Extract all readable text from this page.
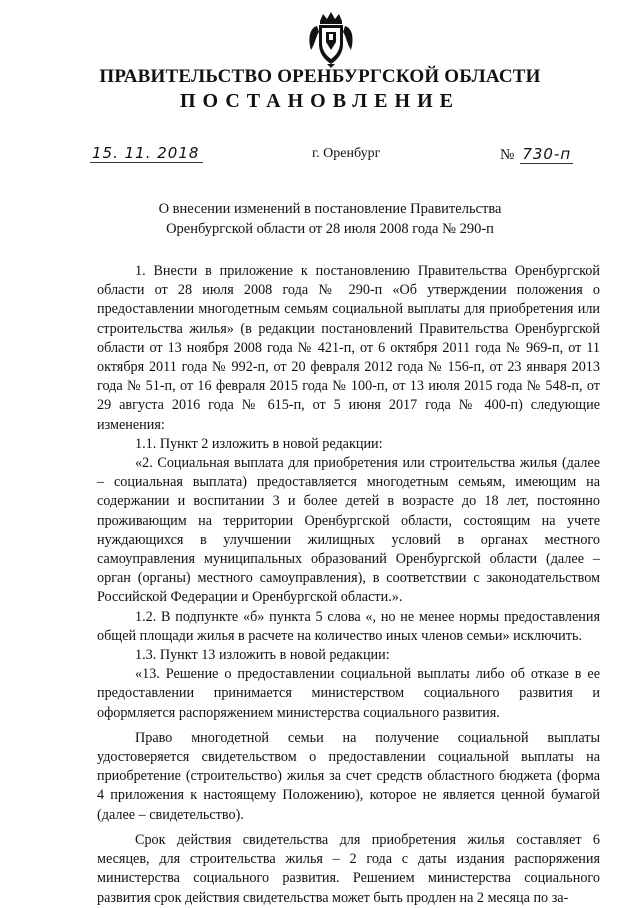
ПРАВИТЕЛЬСТВО ОРЕНБУРГСКОЙ ОБЛАСТИ
ПОСТАНОВЛЕНИЕ
15. 11. 2018	г. Оренбург	№ 730-п
О внесении изменений в постановление Правительства
Оренбургской области от 28 июля 2008 года № 290-п

1. Внести в приложение к постановлению Правительства Оренбургской области от 28 июля 2008 года № 290-п «Об утверждении положения о предоставлении многодетным семьям социальной выплаты для приобретения или строительства жилья» (в редакции постановлений Правительства Оренбургской области от 13 ноября 2008 года № 421-п, от 6 октября 2011 года № 969-п, от 11 октября 2011 года № 992-п, от 20 февраля 2012 года № 156-п, от 23 января 2013 года № 51-п, от 16 февраля 2015 года № 100-п, от 13 июля 2015 года № 548-п, от 29 августа 2016 года № 615-п, от 5 июня 2017 года № 400-п) следующие изменения:

1.1. Пункт 2 изложить в новой редакции:

«2. Социальная выплата для приобретения или строительства жилья (далее – социальная выплата) предоставляется многодетным семьям, имеющим на содержании и воспитании 3 и более детей в возрасте до 18 лет, постоянно проживающим на территории Оренбургской области, состоящим на учете нуждающихся в улучшении жилищных условий в органах местного самоуправления муниципальных образований Оренбургской области (далее – орган (органы) местного самоуправления), в соответствии с законодательством Российской Федерации и Оренбургской области.».

1.2. В подпункте «б» пункта 5 слова «, но не менее нормы предоставления общей площади жилья в расчете на количество иных членов семьи» исключить.

1.3. Пункт 13 изложить в новой редакции:

«13. Решение о предоставлении социальной выплаты либо об отказе в ее предоставлении принимается министерством социального развития и оформляется распоряжением министерства социального развития.

Право многодетной семьи на получение социальной выплаты удостоверяется свидетельством о предоставлении социальной выплаты на приобретение (строительство) жилья за счет средств областного бюджета (форма 4 приложения к настоящему Положению), которое не является ценной бумагой (далее – свидетельство).

Срок действия свидетельства для приобретения жилья составляет 6 месяцев, для строительства жилья – 2 года с даты издания распоряжения министерства социального развития. Решением министерства социального развития срок действия свидетельства может быть продлен на 2 месяца по за-
